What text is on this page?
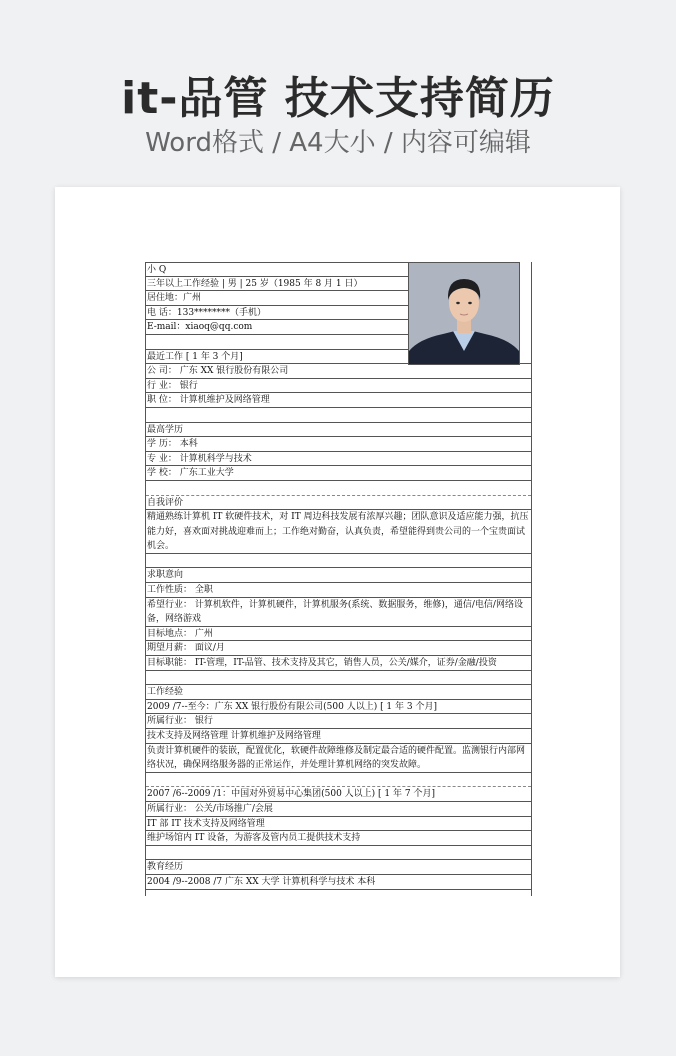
it-品管 技术支持简历
Word格式 / A4大小 / 内容可编辑
小 Q
三年以上工作经验 | 男 | 25 岁（1985 年 8 月 1 日）
居住地：广州
电 话：133********（手机）
E-mail：xiaoq@qq.com
最近工作 [ 1 年 3 个月]
公 司： 广东 XX 银行股份有限公司
行 业： 银行
职 位： 计算机维护及网络管理
最高学历
学 历： 本科
专 业： 计算机科学与技术
学 校： 广东工业大学
自我评价
精通熟练计算机 IT 软硬件技术，对 IT 周边科技发展有浓厚兴趣；团队意识及适应能力强，抗压能力好，喜欢面对挑战迎难而上；工作绝对勤奋，认真负责，希望能得到贵公司的一个宝贵面试机会。
求职意向
工作性质： 全职
希望行业： 计算机软件，计算机硬件，计算机服务(系统、数据服务，维修)，通信/电信/网络设备，网络游戏
目标地点： 广州
期望月薪： 面议/月
目标职能： IT-管理，IT-品管、技术支持及其它，销售人员，公关/媒介，证券/金融/投资
工作经验
2009 /7--至今：广东 XX 银行股份有限公司(500 人以上) [ 1 年 3 个月]
所属行业： 银行
技术支持及网络管理 计算机维护及网络管理
负责计算机硬件的装嵌，配置优化，软硬件故障维修及制定最合适的硬件配置。监测银行内部网络状况，确保网络服务器的正常运作，并处理计算机网络的突发故障。
2007 /6--2009 /1：中国对外贸易中心集团(500 人以上) [ 1 年 7 个月]
所属行业： 公关/市场推广/会展
IT 部 IT 技术支持及网络管理
维护场馆内 IT 设备，为游客及管内员工提供技术支持
教育经历
2004 /9--2008 /7 广东 XX 大学 计算机科学与技术 本科
